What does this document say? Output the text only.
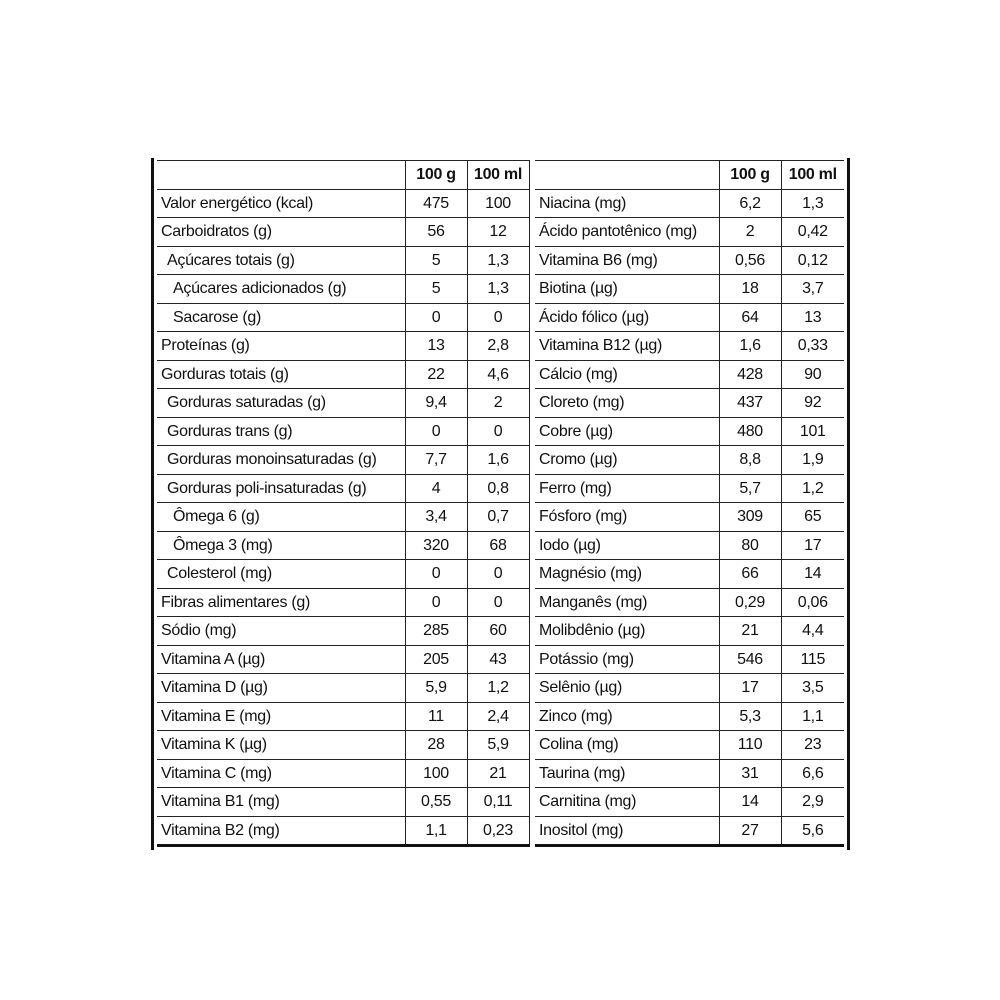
	100 g	100 ml
Valor energético (kcal)	475	100
Carboidratos (g)	56	12
Açúcares totais (g)	5	1,3
Açúcares adicionados (g)	5	1,3
Sacarose (g)	0	0
Proteínas (g)	13	2,8
Gorduras totais (g)	22	4,6
Gorduras saturadas (g)	9,4	2
Gorduras trans (g)	0	0
Gorduras monoinsaturadas (g)	7,7	1,6
Gorduras poli-insaturadas (g)	4	0,8
Ômega 6 (g)	3,4	0,7
Ômega 3 (mg)	320	68
Colesterol (mg)	0	0
Fibras alimentares (g)	0	0
Sódio (mg)	285	60
Vitamina A (µg)	205	43
Vitamina D (µg)	5,9	1,2
Vitamina E (mg)	11	2,4
Vitamina K (µg)	28	5,9
Vitamina C (mg)	100	21
Vitamina B1 (mg)	0,55	0,11
Vitamina B2 (mg)	1,1	0,23
	100 g	100 ml
Niacina (mg)	6,2	1,3
Ácido pantotênico (mg)	2	0,42
Vitamina B6 (mg)	0,56	0,12
Biotina (µg)	18	3,7
Ácido fólico (µg)	64	13
Vitamina B12 (µg)	1,6	0,33
Cálcio (mg)	428	90
Cloreto (mg)	437	92
Cobre (µg)	480	101
Cromo (µg)	8,8	1,9
Ferro (mg)	5,7	1,2
Fósforo (mg)	309	65
Iodo (µg)	80	17
Magnésio (mg)	66	14
Manganês (mg)	0,29	0,06
Molibdênio (µg)	21	4,4
Potássio (mg)	546	115
Selênio (µg)	17	3,5
Zinco (mg)	5,3	1,1
Colina (mg)	110	23
Taurina (mg)	31	6,6
Carnitina (mg)	14	2,9
Inositol (mg)	27	5,6
